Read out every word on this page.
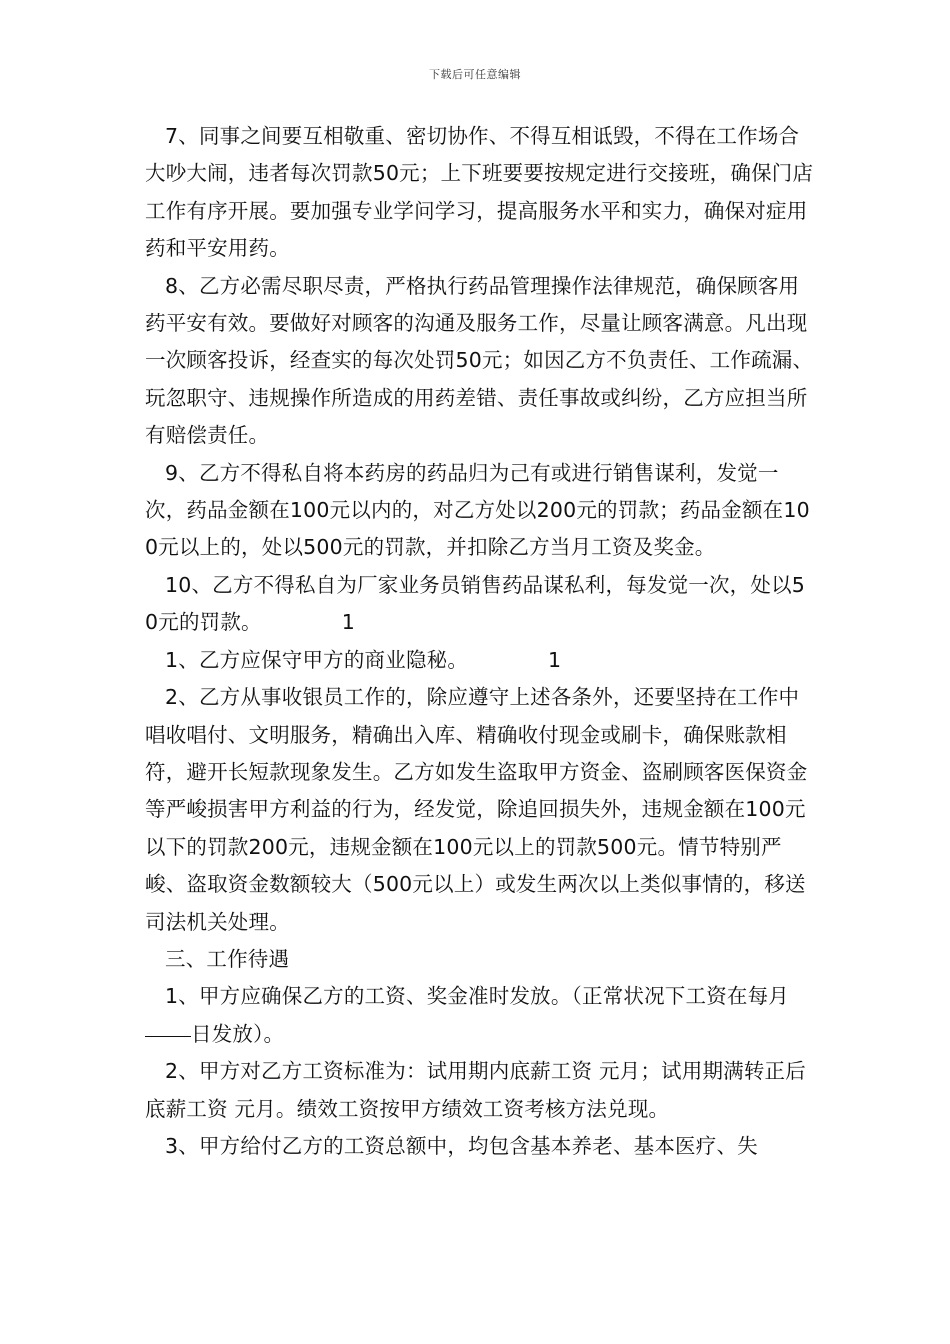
下载后可任意编辑

7、同事之间要互相敬重、密切协作、不得互相诋毁，不得在工作场合大吵大闹，违者每次罚款50元；上下班要要按规定进行交接班，确保门店工作有序开展。要加强专业学问学习，提高服务水平和实力，确保对症用药和平安用药。

8、乙方必需尽职尽责，严格执行药品管理操作法律规范，确保顾客用药平安有效。要做好对顾客的沟通及服务工作，尽量让顾客满意。凡出现一次顾客投诉，经查实的每次处罚50元；如因乙方不负责任、工作疏漏、玩忽职守、违规操作所造成的用药差错、责任事故或纠纷，乙方应担当所有赔偿责任。

9、乙方不得私自将本药房的药品归为己有或进行销售谋利，发觉一次，药品金额在100元以内的，对乙方处以200元的罚款；药品金额在100元以上的，处以500元的罚款，并扣除乙方当月工资及奖金。

10、乙方不得私自为厂家业务员销售药品谋私利，每发觉一次，处以50元的罚款。	1

1、乙方应保守甲方的商业隐秘。	1

2、乙方从事收银员工作的，除应遵守上述各条外，还要坚持在工作中唱收唱付、文明服务，精确出入库、精确收付现金或刷卡，确保账款相符，避开长短款现象发生。乙方如发生盗取甲方资金、盗刷顾客医保资金等严峻损害甲方利益的行为，经发觉，除追回损失外，违规金额在100元以下的罚款200元，违规金额在100元以上的罚款500元。情节特别严峻、盗取资金数额较大（500元以上）或发生两次以上类似事情的，移送司法机关处理。

三、工作待遇

1、甲方应确保乙方的工资、奖金准时发放。（正常状况下工资在每月日发放）。

2、甲方对乙方工资标准为：试用期内底薪工资 元月；试用期满转正后底薪工资 元月。绩效工资按甲方绩效工资考核方法兑现。

3、甲方给付乙方的工资总额中，均包含基本养老、基本医疗、失
